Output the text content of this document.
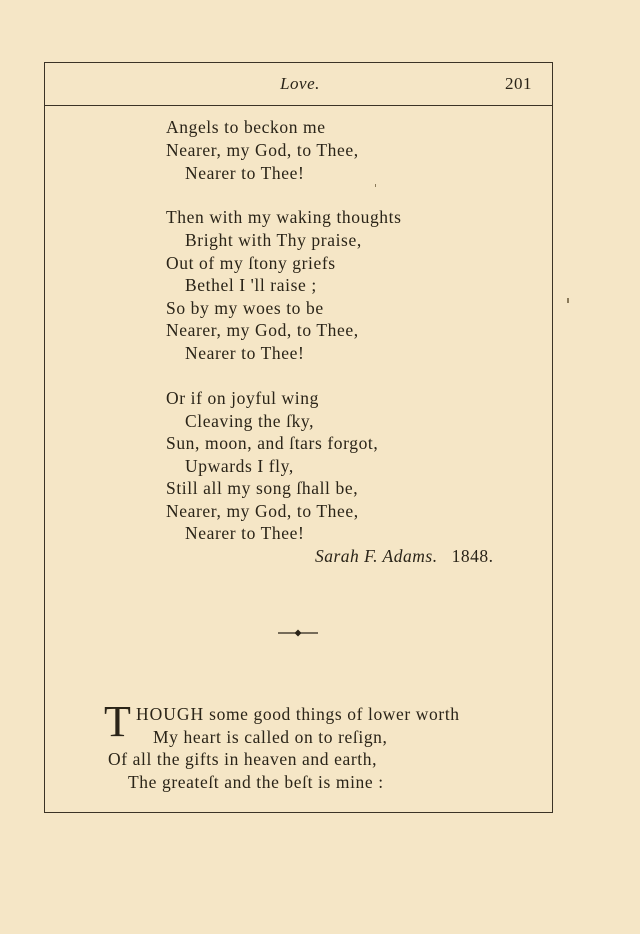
Love.	201
Angels to beckon me
Nearer, my God, to Thee,
Nearer to Thee!
Then with my waking thoughts
Bright with Thy praise,
Out of my ſtony griefs
Bethel I 'll raise ;
So by my woes to be
Nearer, my God, to Thee,
Nearer to Thee!
Or if on joyful wing
Cleaving the ſky,
Sun, moon, and ſtars forgot,
Upwards I fly,
Still all my song ſhall be,
Nearer, my God, to Thee,
Nearer to Thee!
Sarah F. Adams. 1848.
T HOUGH some good things of lower worth
My heart is called on to reſign,
Of all the gifts in heaven and earth,
The greateſt and the beſt is mine :
